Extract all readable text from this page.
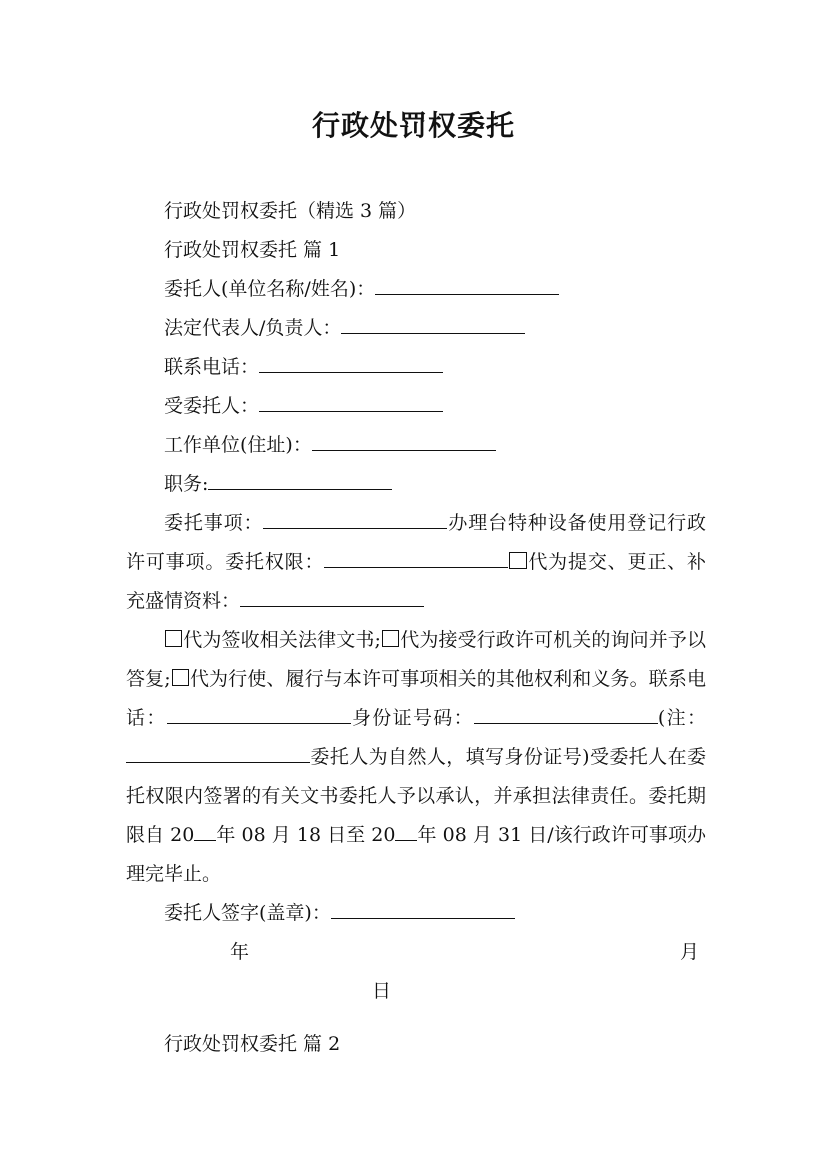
行政处罚权委托

行政处罚权委托（精选 3 篇）

行政处罚权委托 篇 1

委托人(单位名称/姓名)：

法定代表人/负责人：

联系电话：

受委托人：

工作单位(住址)：

职务:

委托事项：	办理台特种设备使用登记行政许可事项。委托权限：	代为提交、更正、补充盛情资料：

代为签收相关法律文书; 代为接受行政许可机关的询问并予以答复; 代为行使、履行与本许可事项相关的其他权利和义务。联系电话：	身份证号码：	(注：委托人为自然人，填写身份证号)受委托人在委托权限内签署的有关文书委托人予以承认，并承担法律责任。委托期限自 20 年 08 月 18 日至 20 年 08 月 31 日/该行政许可事项办理完毕止。

委托人签字(盖章)：

年	月
日

行政处罚权委托 篇 2
